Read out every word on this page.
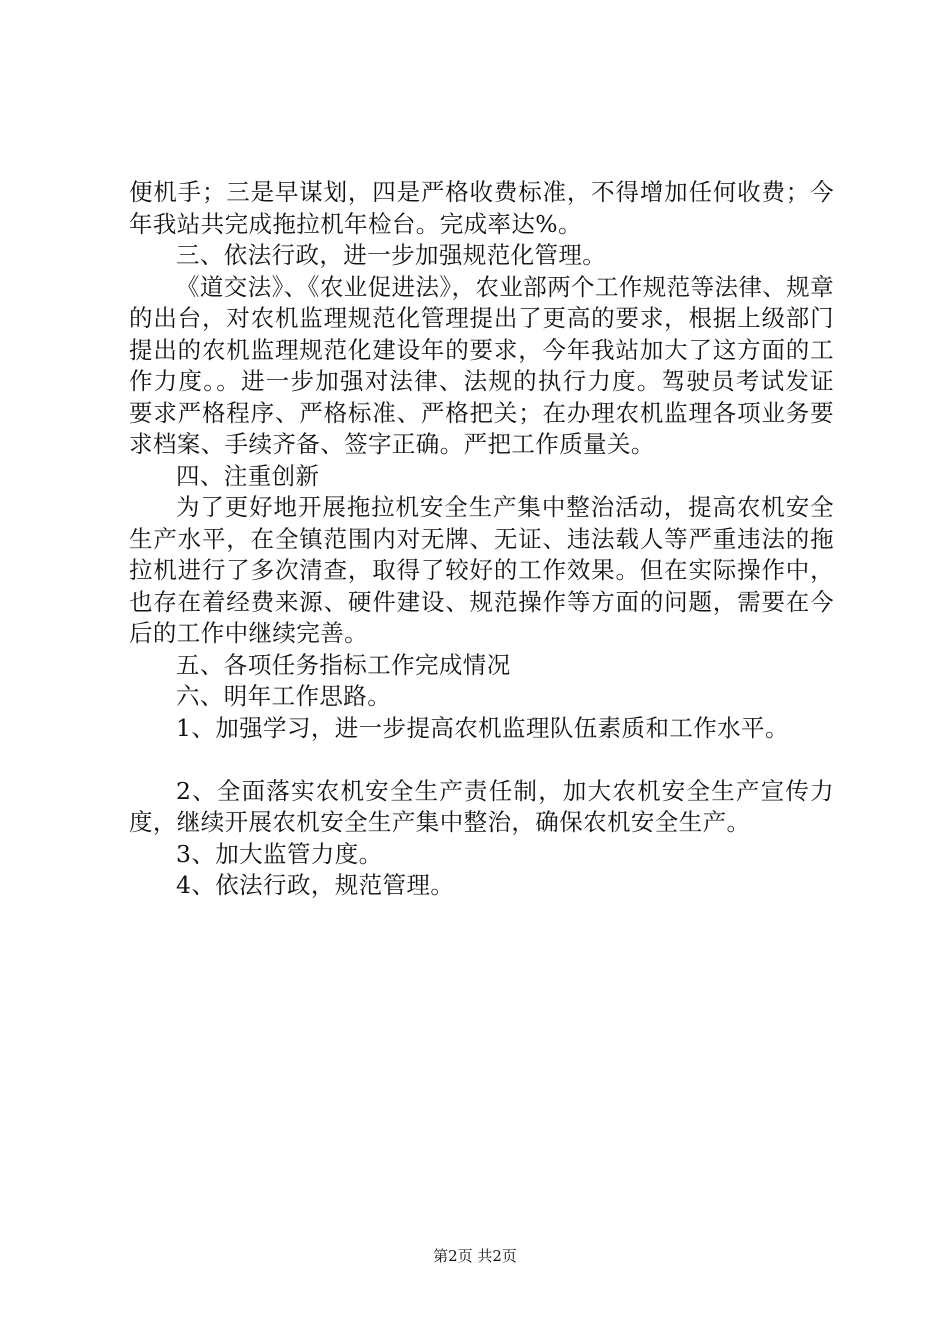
便机手；三是早谋划，四是严格收费标准，不得增加任何收费；今年我站共完成拖拉机年检台。完成率达%。

三、依法行政，进一步加强规范化管理。

《道交法》、《农业促进法》，农业部两个工作规范等法律、规章的出台，对农机监理规范化管理提出了更高的要求，根据上级部门提出的农机监理规范化建设年的要求，今年我站加大了这方面的工作力度。。进一步加强对法律、法规的执行力度。驾驶员考试发证要求严格程序、严格标准、严格把关；在办理农机监理各项业务要求档案、手续齐备、签字正确。严把工作质量关。

四、注重创新

为了更好地开展拖拉机安全生产集中整治活动，提高农机安全生产水平，在全镇范围内对无牌、无证、违法载人等严重违法的拖拉机进行了多次清查，取得了较好的工作效果。但在实际操作中，也存在着经费来源、硬件建设、规范操作等方面的问题，需要在今后的工作中继续完善。

五、各项任务指标工作完成情况

六、明年工作思路。

1、加强学习，进一步提高农机监理队伍素质和工作水平。

2、全面落实农机安全生产责任制，加大农机安全生产宣传力度，继续开展农机安全生产集中整治，确保农机安全生产。

3、加大监管力度。

4、依法行政，规范管理。

第2页 共2页
